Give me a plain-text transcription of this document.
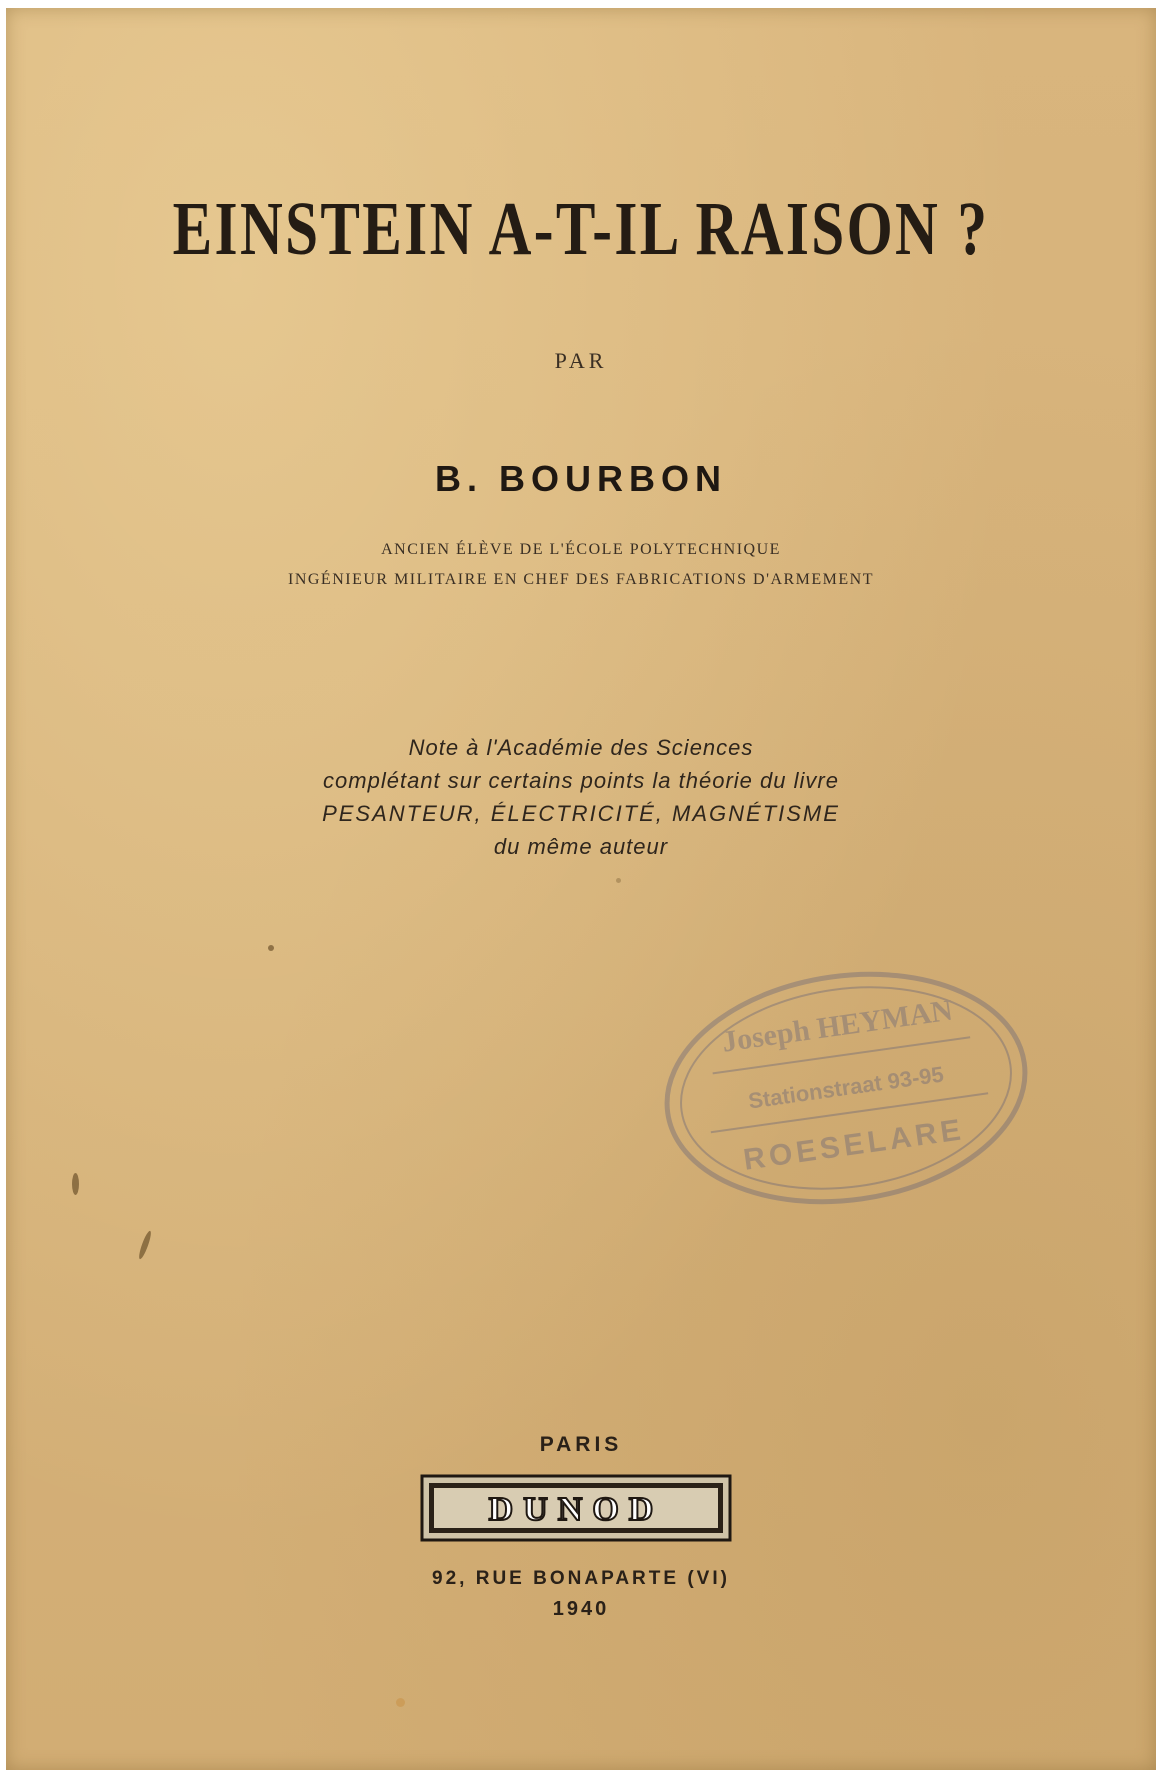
EINSTEIN A-T-IL RAISON ?
PAR
B. BOURBON
ANCIEN ÉLÈVE DE L'ÉCOLE POLYTECHNIQUE
INGÉNIEUR MILITAIRE EN CHEF DES FABRICATIONS D'ARMEMENT
Note à l'Académie des Sciences
complétant sur certains points la théorie du livre
PESANTEUR, ÉLECTRICITÉ, MAGNÉTISME
du même auteur
Joseph HEYMAN
Stationstraat 93-95
ROESELARE
PARIS
DUNOD
92, RUE BONAPARTE (VI)
1940
